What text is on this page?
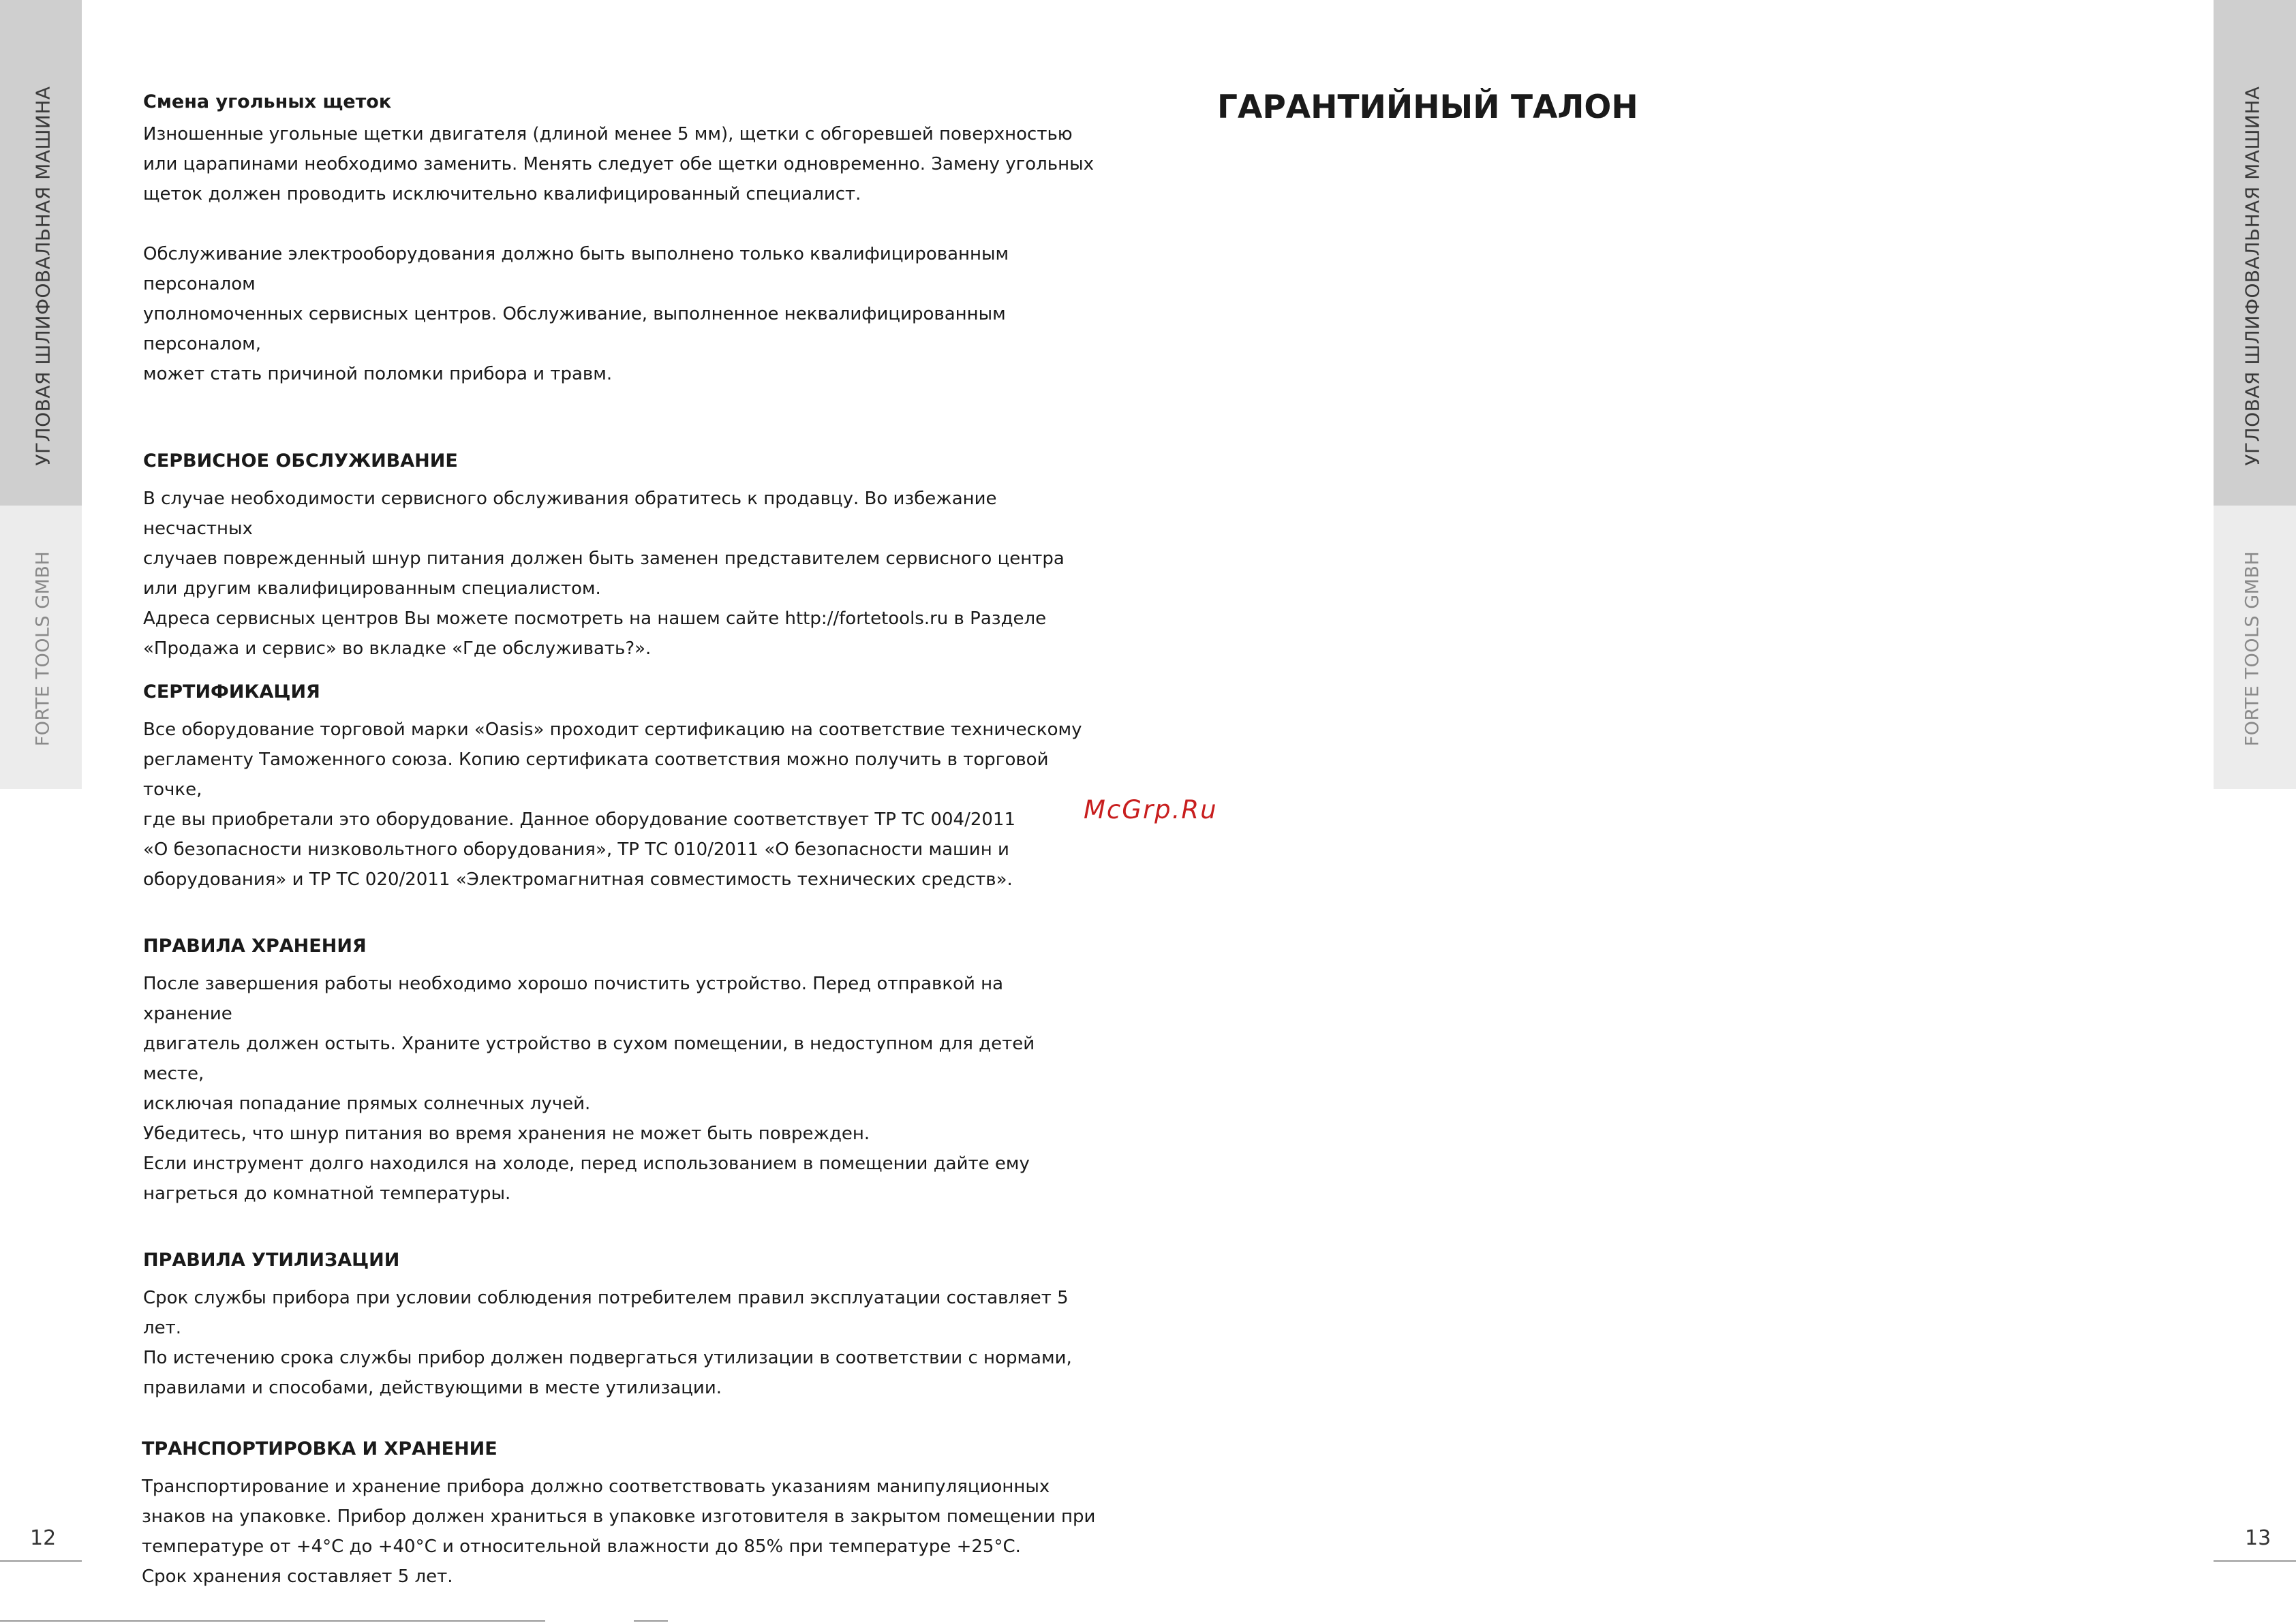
УГЛОВАЯ ШЛИФОВАЛЬНАЯ МАШИНА
FORTE TOOLS GMBH
УГЛОВАЯ ШЛИФОВАЛЬНАЯ МАШИНА
FORTE TOOLS GMBH
Смена угольных щеток

Изношенные угольные щетки двигателя (длиной менее 5 мм), щетки с обгоревшей поверхностью
или царапинами необходимо заменить. Менять следует обе щетки одновременно. Замену угольных
щеток должен проводить исключительно квалифицированный специалист.

Обслуживание электрооборудования должно быть выполнено только квалифицированным персоналом
уполномоченных сервисных центров. Обслуживание, выполненное неквалифицированным персоналом,
может стать причиной поломки прибора и травм.

СЕРВИСНОЕ ОБСЛУЖИВАНИЕ

В случае необходимости сервисного обслуживания обратитесь к продавцу. Во избежание несчастных
случаев поврежденный шнур питания должен быть заменен представителем сервисного центра
или другим квалифицированным специалистом.
Адреса сервисных центров Вы можете посмотреть на нашем сайте http://fortetools.ru в Разделе
«Продажа и сервис» во вкладке «Где обслуживать?».

СЕРТИФИКАЦИЯ

Все оборудование торговой марки «Oasis» проходит сертификацию на соответствие техническому
регламенту Таможенного союза. Копию сертификата соответствия можно получить в торговой точке,
где вы приобретали это оборудование. Данное оборудование соответствует ТР ТС 004/2011
«О безопасности низковольтного оборудования», ТР ТС 010/2011 «О безопасности машин и
оборудования» и ТР ТС 020/2011 «Электромагнитная совместимость технических средств».

ПРАВИЛА ХРАНЕНИЯ

После завершения работы необходимо хорошо почистить устройство. Перед отправкой на хранение
двигатель должен остыть. Храните устройство в сухом помещении, в недоступном для детей месте,
исключая попадание прямых солнечных лучей.
Убедитесь, что шнур питания во время хранения не может быть поврежден.
Если инструмент долго находился на холоде, перед использованием в помещении дайте ему
нагреться до комнатной температуры.

ПРАВИЛА УТИЛИЗАЦИИ

Срок службы прибора при условии соблюдения потребителем правил эксплуатации составляет 5 лет.
По истечению срока службы прибор должен подвергаться утилизации в соответствии с нормами,
правилами и способами, действующими в месте утилизации.

ТРАНСПОРТИРОВКА И ХРАНЕНИЕ

Транспортирование и хранение прибора должно соответствовать указаниям манипуляционных
знаков на упаковке. Прибор должен храниться в упаковке изготовителя в закрытом помещении при
температуре от +4°С до +40°С и относительной влажности до 85% при температуре +25°С.
Срок хранения составляет 5 лет.

McGrp.Ru
ГАРАНТИЙНЫЙ ТАЛОН
12	13
